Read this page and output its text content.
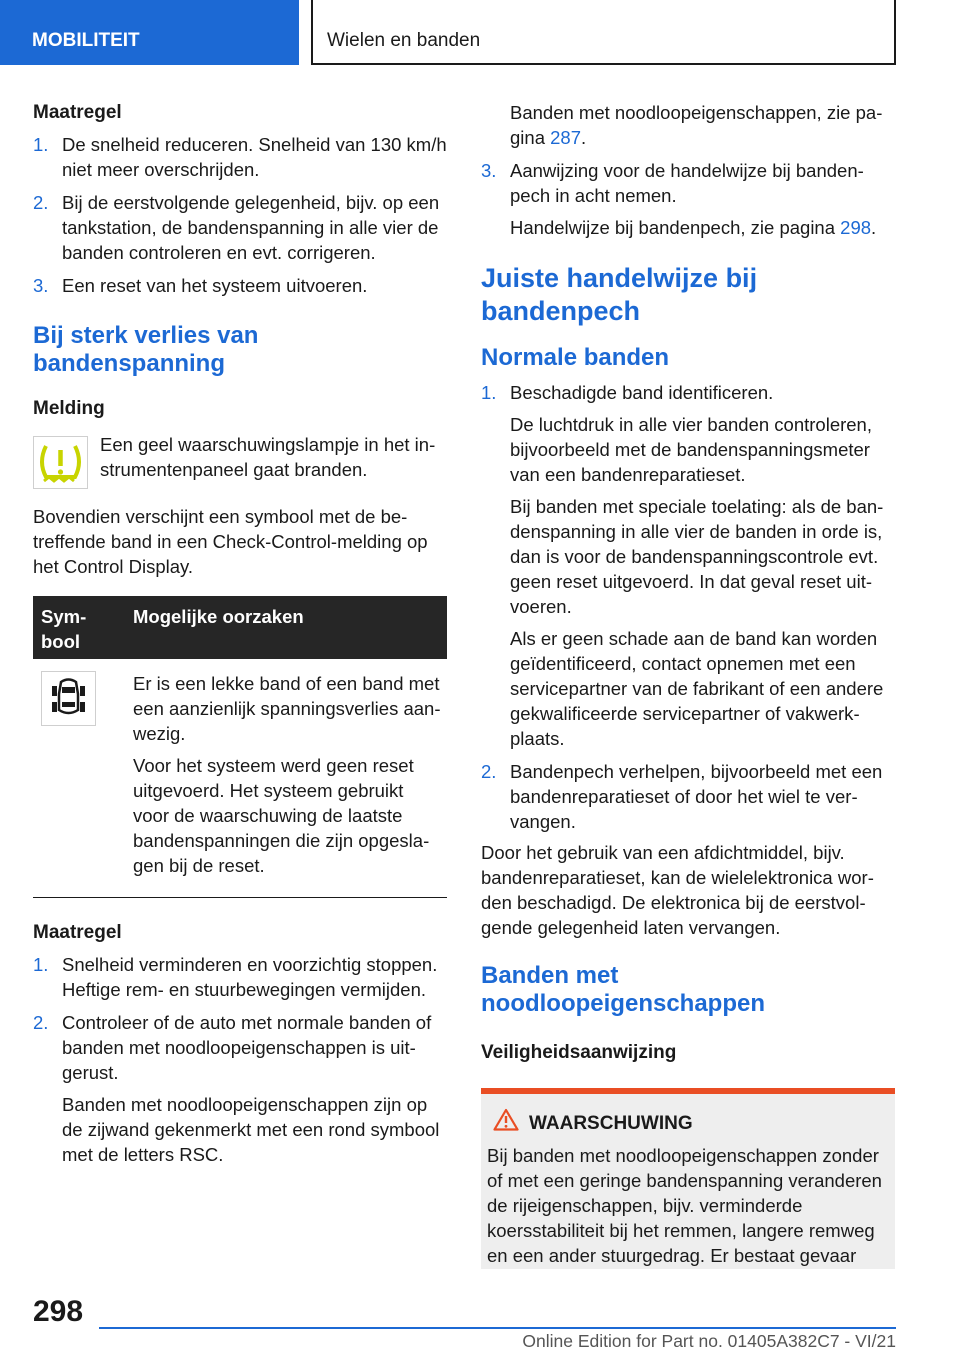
MOBILITEIT	Wielen en banden
Maatregel
1. De snelheid reduceren. Snelheid van 130 km/h niet meer overschrijden.

2. Bij de eerstvolgende gelegenheid, bijv. op een tankstation, de bandenspanning in alle vier de banden controleren en evt. corrigeren.

3. Een reset van het systeem uitvoeren.

Bij sterk verlies van bandenspanning
Melding
Een geel waarschuwingslampje in het instrumentenpaneel gaat branden.

Bovendien verschijnt een symbool met de betreffende band in een Check-Control-melding op het Control Display.

Symbool	Mogelijke oorzaken

Er is een lekke band of een band met een aanzienlijk spanningsverlies aanwezig.

Voor het systeem werd geen reset uitgevoerd. Het systeem gebruikt voor de waarschuwing de laatste bandenspanningen die zijn opgeslagen bij de reset.

Maatregel
1. Snelheid verminderen en voorzichtig stoppen. Heftige rem- en stuurbewegingen vermijden.

2. Controleer of de auto met normale banden of banden met noodloopeigenschappen is uitgerust.

Banden met noodloopeigenschappen zijn op de zijwand gekenmerkt met een rond symbool met de letters RSC.

Banden met noodloopeigenschappen, zie pagina 287.

3. Aanwijzing voor de handelwijze bij bandenpech in acht nemen.

Handelwijze bij bandenpech, zie pagina 298.

Juiste handelwijze bij bandenpech
Normale banden
1. Beschadigde band identificeren.

De luchtdruk in alle vier banden controleren, bijvoorbeeld met de bandenspanningsmeter van een bandenreparatieset.

Bij banden met speciale toelating: als de bandenspanning in alle vier de banden in orde is, dan is voor de bandenspanningscontrole evt. geen reset uitgevoerd. In dat geval reset uitvoeren.

Als er geen schade aan de band kan worden geïdentificeerd, contact opnemen met een servicepartner van de fabrikant of een andere gekwalificeerde servicepartner of vakwerkplaats.

2. Bandenpech verhelpen, bijvoorbeeld met een bandenreparatieset of door het wiel te vervangen.

Door het gebruik van een afdichtmiddel, bijv. bandenreparatieset, kan de wielelektronica worden beschadigd. De elektronica bij de eerstvolgende gelegenheid laten vervangen.

Banden met noodloopeigenschappen
Veiligheidsaanwijzing
WAARSCHUWING

Bij banden met noodloopeigenschappen zonder of met een geringe bandenspanning veranderen de rijeigenschappen, bijv. verminderde koersstabiliteit bij het remmen, langere remweg en een ander stuurgedrag. Er bestaat gevaar

298
Online Edition for Part no. 01405A382C7 - VI/21
